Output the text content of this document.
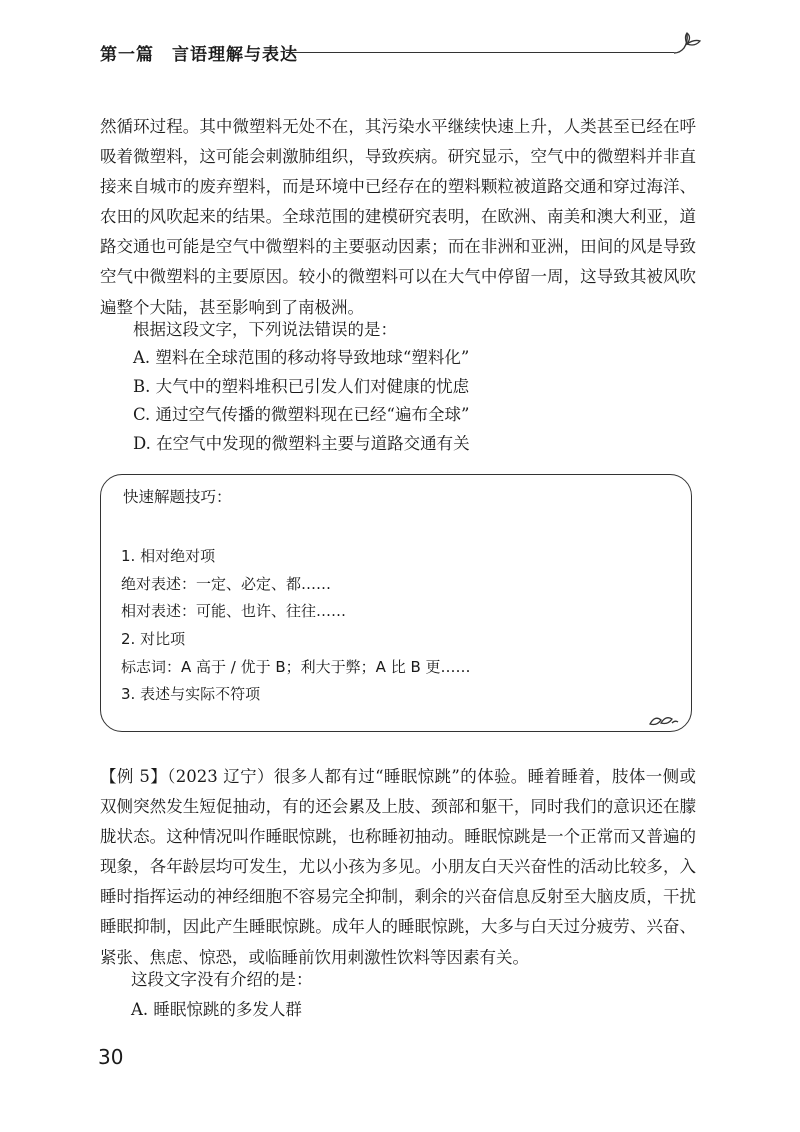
第一篇　言语理解与表达

然循环过程。其中微塑料无处不在，其污染水平继续快速上升，人类甚至已经在呼吸着微塑料，这可能会刺激肺组织，导致疾病。研究显示，空气中的微塑料并非直接来自城市的废弃塑料，而是环境中已经存在的塑料颗粒被道路交通和穿过海洋、农田的风吹起来的结果。全球范围的建模研究表明，在欧洲、南美和澳大利亚，道路交通也可能是空气中微塑料的主要驱动因素；而在非洲和亚洲，田间的风是导致空气中微塑料的主要原因。较小的微塑料可以在大气中停留一周，这导致其被风吹遍整个大陆，甚至影响到了南极洲。

根据这段文字，下列说法错误的是：

A. 塑料在全球范围的移动将导致地球“塑料化”

B. 大气中的塑料堆积已引发人们对健康的忧虑

C. 通过空气传播的微塑料现在已经“遍布全球”

D. 在空气中发现的微塑料主要与道路交通有关

快速解题技巧：
1. 相对绝对项
绝对表述：一定、必定、都……
相对表述：可能、也许、往往……
2. 对比项
标志词：A 高于 / 优于 B；利大于弊；A 比 B 更……
3. 表述与实际不符项

【例 5】（2023 辽宁）很多人都有过“睡眠惊跳”的体验。睡着睡着，肢体一侧或双侧突然发生短促抽动，有的还会累及上肢、颈部和躯干，同时我们的意识还在朦胧状态。这种情况叫作睡眠惊跳，也称睡初抽动。睡眠惊跳是一个正常而又普遍的现象，各年龄层均可发生，尤以小孩为多见。小朋友白天兴奋性的活动比较多，入睡时指挥运动的神经细胞不容易完全抑制，剩余的兴奋信息反射至大脑皮质，干扰睡眠抑制，因此产生睡眠惊跳。成年人的睡眠惊跳，大多与白天过分疲劳、兴奋、紧张、焦虑、惊恐，或临睡前饮用刺激性饮料等因素有关。

这段文字没有介绍的是：

A. 睡眠惊跳的多发人群

30
